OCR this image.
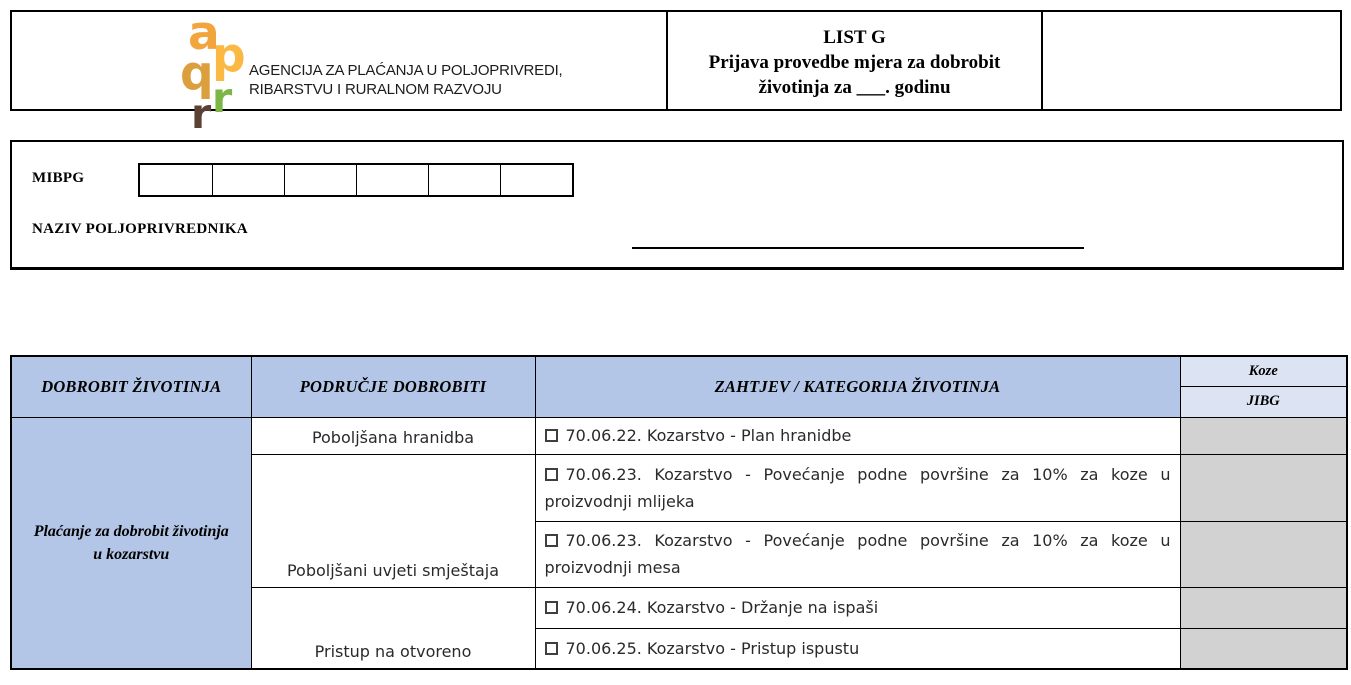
a
p
q
r
r
AGENCIJA ZA PLAĆANJA U POLJOPRIVREDI,
RIBARSTVU I RURALNOM RAZVOJU
LIST G
Prijava provedbe mjera za dobrobit
životinja za ___. godinu
MIBPG
NAZIV POLJOPRIVREDNIKA
DOBROBIT ŽIVOTINJA	PODRUČJE DOBROBITI	ZAHTJEV / KATEGORIJA ŽIVOTINJA	Koze
			JIBG
Plaćanje za dobrobit životinja u kozarstvu	Poboljšana hranidba	70.06.22. Kozarstvo - Plan hranidbe	

	Poboljšani uvjeti smještaja	70.06.23. Kozarstvo - Povećanje podne površine za 10% za koze u
proizvodnji mlijeka	

		70.06.23. Kozarstvo - Povećanje podne površine za 10% za koze u
proizvodnji mesa	

	Pristup na otvoreno	70.06.24. Kozarstvo - Držanje na ispaši	

		70.06.25. Kozarstvo - Pristup ispustu	
